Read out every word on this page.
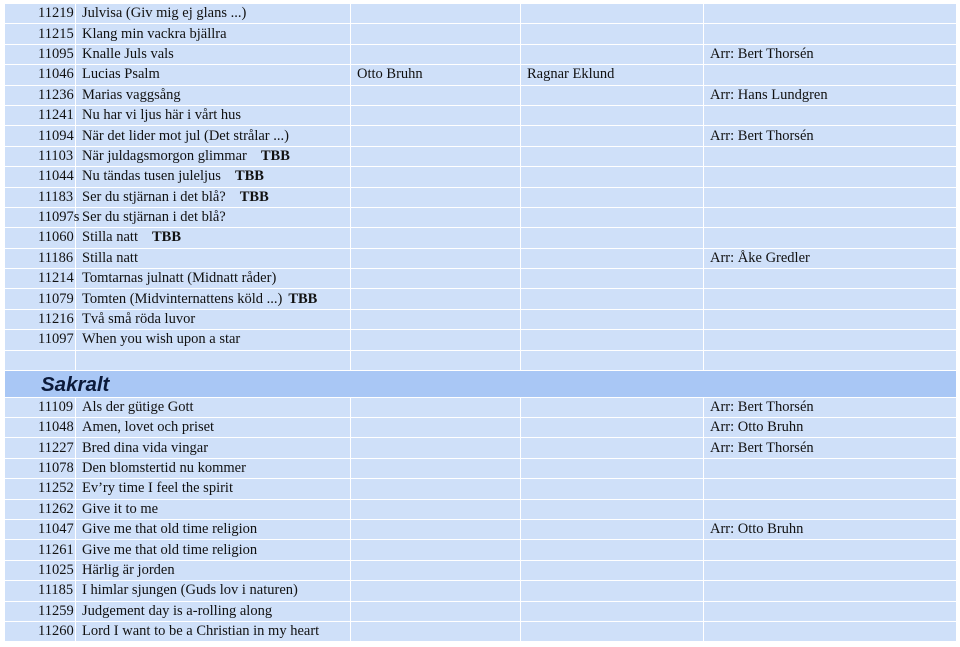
11219	Julvisa (Giv mig ej glans ...)			
11215	Klang min vackra bjällra			
11095	Knalle Juls vals			Arr: Bert Thorsén
11046	Lucias Psalm	Otto Bruhn	Ragnar Eklund	
11236	Marias vaggsång			Arr: Hans Lundgren
11241	Nu har vi ljus här i vårt hus			
11094	När det lider mot jul (Det strålar ...)			Arr: Bert Thorsén
11103	När juldagsmorgon glimmar TBB			
11044	Nu tändas tusen juleljus TBB			
11183	Ser du stjärnan i det blå? TBB			
11097s	Ser du stjärnan i det blå?			
11060	Stilla natt TBB			
11186	Stilla natt			Arr: Åke Gredler
11214	Tomtarnas julnatt (Midnatt råder)			
11079	Tomten (Midvinternattens köld ...) TBB			
11216	Två små röda luvor			
11097	When you wish upon a star			

Sakralt				
11109	Als der gütige Gott			Arr: Bert Thorsén
11048	Amen, lovet och priset			Arr: Otto Bruhn
11227	Bred dina vida vingar			Arr: Bert Thorsén
11078	Den blomstertid nu kommer			
11252	Ev’ry time I feel the spirit			
11262	Give it to me			
11047	Give me that old time religion			Arr: Otto Bruhn
11261	Give me that old time religion			
11025	Härlig är jorden			
11185	I himlar sjungen (Guds lov i naturen)			
11259	Judgement day is a-rolling along			
11260	Lord I want to be a Christian in my heart			
